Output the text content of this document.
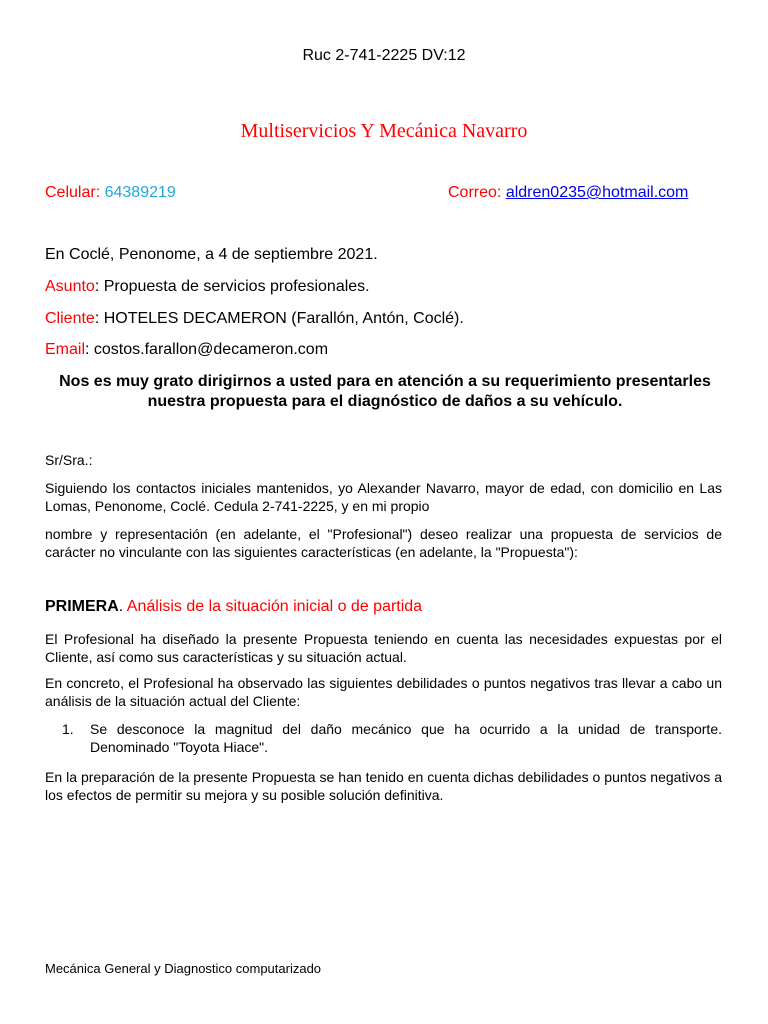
Ruc 2-741-2225 DV:12
Multiservicios Y Mecánica Navarro
Celular: 64389219	Correo: aldren0235@hotmail.com
En Coclé, Penonome, a 4 de septiembre 2021.
Asunto: Propuesta de servicios profesionales.
Cliente: HOTELES DECAMERON (Farallón, Antón, Coclé).
Email: costos.farallon@decameron.com
Nos es muy grato dirigirnos a usted para en atención a su requerimiento presentarles nuestra propuesta para el diagnóstico de daños a su vehículo.
Sr/Sra.:
Siguiendo los contactos iniciales mantenidos, yo Alexander Navarro, mayor de edad, con domicilio en Las Lomas, Penonome, Coclé. Cedula 2-741-2225, y en mi propio
nombre y representación (en adelante, el "Profesional") deseo realizar una propuesta de servicios de carácter no vinculante con las siguientes características (en adelante, la "Propuesta"):
PRIMERA. Análisis de la situación inicial o de partida
El Profesional ha diseñado la presente Propuesta teniendo en cuenta las necesidades expuestas por el Cliente, así como sus características y su situación actual.
En concreto, el Profesional ha observado las siguientes debilidades o puntos negativos tras llevar a cabo un análisis de la situación actual del Cliente:
1. Se desconoce la magnitud del daño mecánico que ha ocurrido a la unidad de transporte. Denominado "Toyota Hiace".
En la preparación de la presente Propuesta se han tenido en cuenta dichas debilidades o puntos negativos a los efectos de permitir su mejora y su posible solución definitiva.
Mecánica General y Diagnostico computarizado
